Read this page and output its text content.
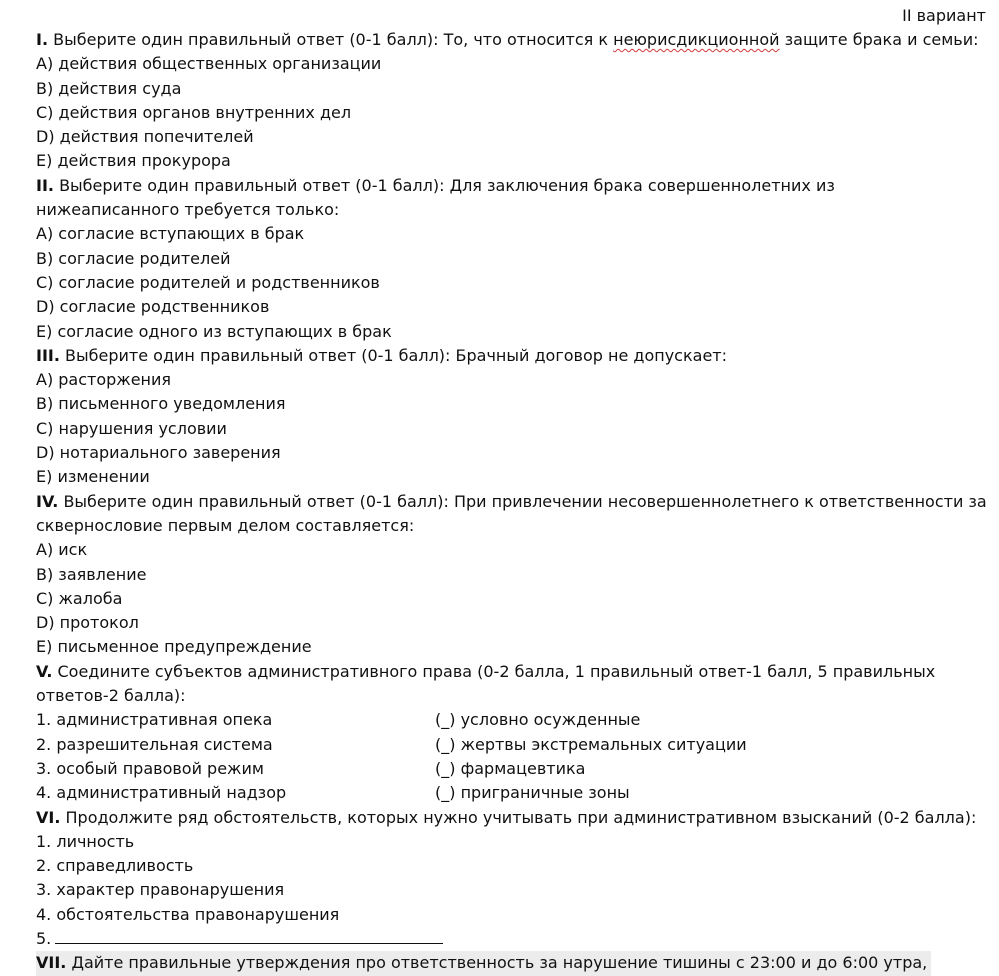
II вариант
I. Выберите один правильный ответ (0-1 балл): То, что относится к неюрисдикционной защите брака и семьи:
A) действия общественных организации
B) действия суда
C) действия органов внутренних дел
D) действия попечителей
E) действия прокурора
II. Выберите один правильный ответ (0-1 балл): Для заключения брака совершеннолетних из
нижеаписанного требуется только:
A) согласие вступающих в брак
B) согласие родителей
C) согласие родителей и родственников
D) согласие родственников
E) согласие одного из вступающих в брак
III. Выберите один правильный ответ (0-1 балл): Брачный договор не допускает:
A) расторжения
B) письменного уведомления
C) нарушения условии
D) нотариального заверения
E) изменении
IV. Выберите один правильный ответ (0-1 балл): При привлечении несовершеннолетнего к ответственности за
сквернословие первым делом составляется:
A) иск
B) заявление
C) жалоба
D) протокол
E) письменное предупреждение
V. Соедините субъектов административного права (0-2 балла, 1 правильный ответ-1 балл, 5 правильных
ответов-2 балла):
1. административная опека	(_) условно осужденные
2. разрешительная система	(_) жертвы экстремальных ситуации
3. особый правовой режим	(_) фармацевтика
4. административный надзор	(_) приграничные зоны
VI. Продолжите ряд обстоятельств, которых нужно учитывать при административном взысканий (0-2 балла):
1. личность
2. справедливость
3. характер правонарушения
4. обстоятельства правонарушения
5.
VII. Дайте правильные утверждения про ответственность за нарушение тишины с 23:00 и до 6:00 утра,
